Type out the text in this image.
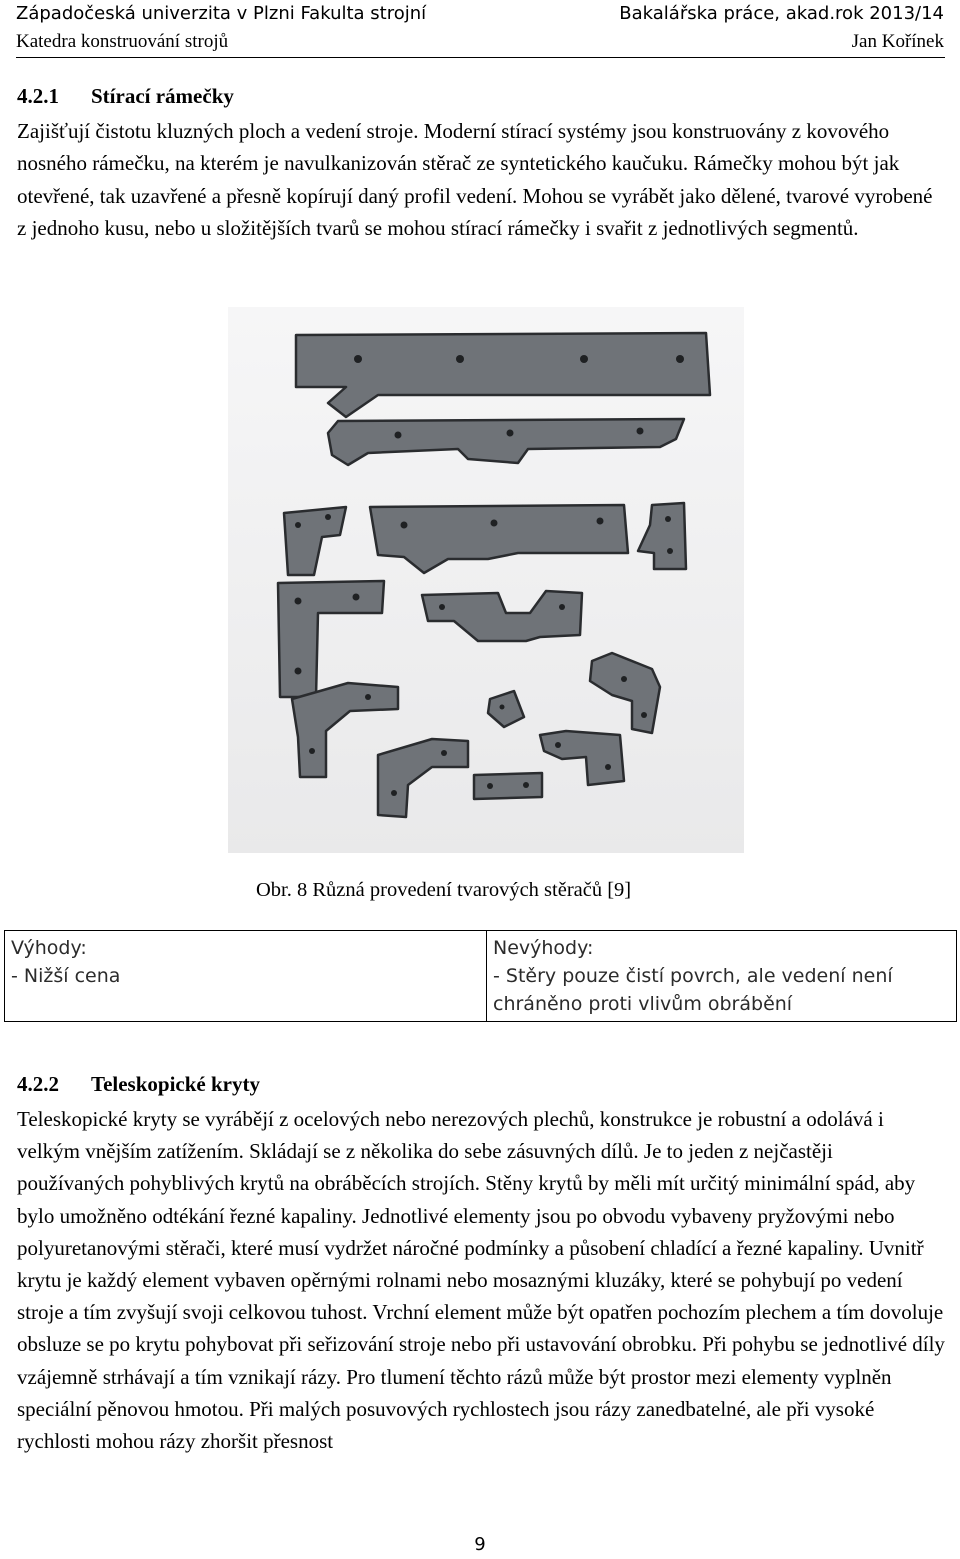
Západočeská univerzita v Plzni Fakulta strojní	Bakalářska práce, akad.rok 2013/14
Katedra konstruování strojů	Jan Kořínek
4.2.1 Stírací rámečky
Zajišťují čistotu kluzných ploch a vedení stroje. Moderní stírací systémy jsou konstruovány z kovového nosného rámečku, na kterém je navulkanizován stěrač ze syntetického kaučuku. Rámečky mohou být jak otevřené, tak uzavřené a přesně kopírují daný profil vedení. Mohou se vyrábět jako dělené, tvarové vyrobené z jednoho kusu, nebo u složitějších tvarů se mohou stírací rámečky i svařit z jednotlivých segmentů.
Obr. 8 Různá provedení tvarových stěračů [9]
Výhody:
- Nižší cena

Nevýhody:
- Stěry pouze čistí povrch, ale vedení není chráněno proti vlivům obrábění
4.2.2 Teleskopické kryty
Teleskopické kryty se vyrábějí z ocelových nebo nerezových plechů, konstrukce je robustní a odolává i velkým vnějším zatížením. Skládají se z několika do sebe zásuvných dílů. Je to jeden z nejčastěji používaných pohyblivých krytů na obráběcích strojích. Stěny krytů by měli mít určitý minimální spád, aby bylo umožněno odtékání řezné kapaliny. Jednotlivé elementy jsou po obvodu vybaveny pryžovými nebo polyuretanovými stěrači, které musí vydržet náročné podmínky a působení chladící a řezné kapaliny. Uvnitř krytu je každý element vybaven opěrnými rolnami nebo mosaznými kluzáky, které se pohybují po vedení stroje a tím zvyšují svoji celkovou tuhost. Vrchní element může být opatřen pochozím plechem a tím dovoluje obsluze se po krytu pohybovat při seřizování stroje nebo při ustavování obrobku. Při pohybu se jednotlivé díly vzájemně strhávají a tím vznikají rázy. Pro tlumení těchto rázů může být prostor mezi elementy vyplněn speciální pěnovou hmotou. Při malých posuvových rychlostech jsou rázy zanedbatelné, ale při vysoké rychlosti mohou rázy zhoršit přesnost
9
